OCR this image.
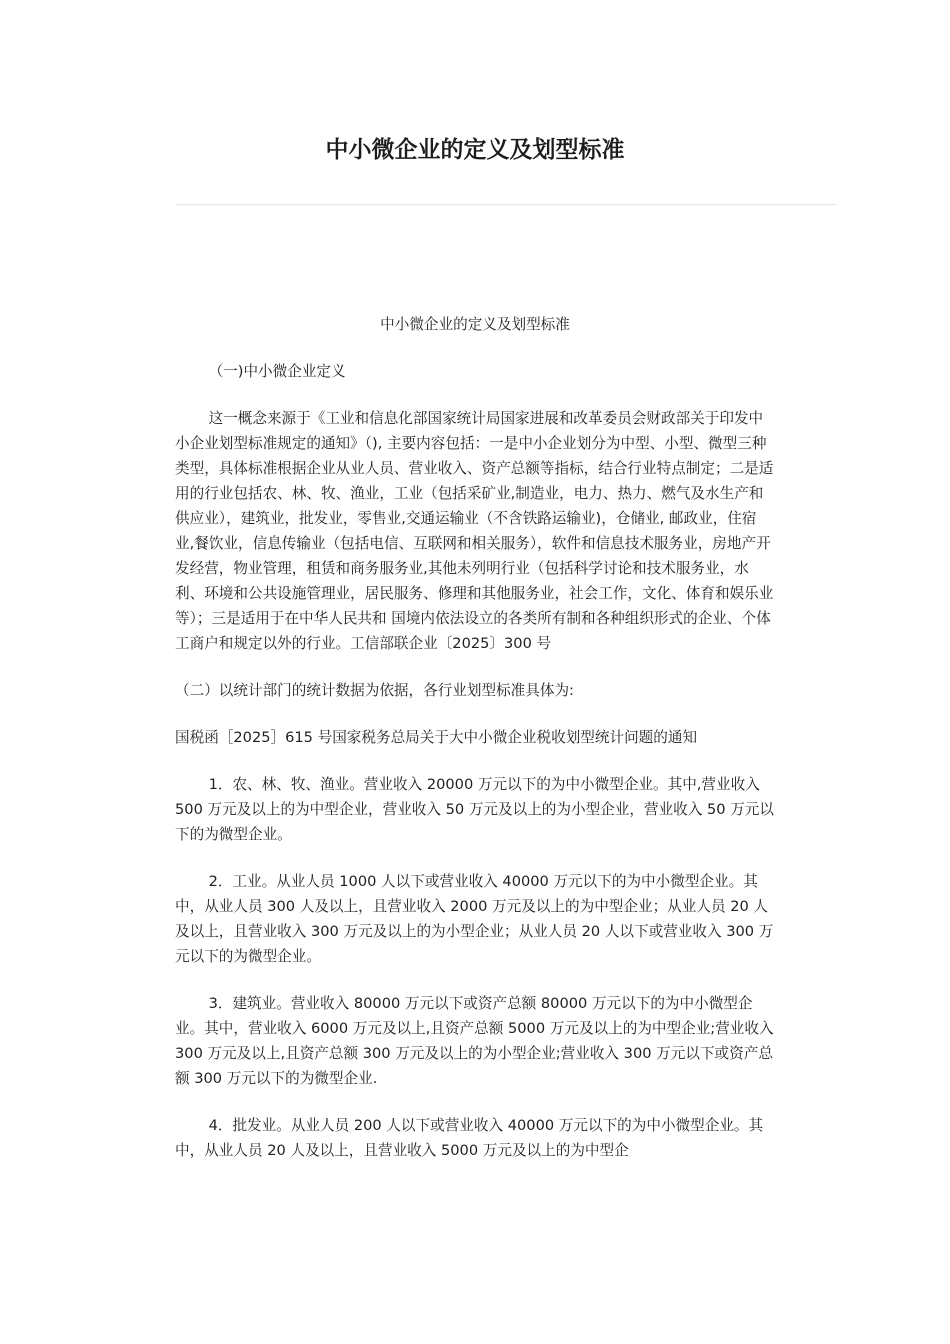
中小微企业的定义及划型标准

中小微企业的定义及划型标准

（一)中小微企业定义

这一概念来源于《工业和信息化部国家统计局国家进展和改革委员会财政部关于印发中小企业划型标准规定的通知》（), 主要内容包括：一是中小企业划分为中型、小型、微型三种类型，具体标准根据企业从业人员、营业收入、资产总额等指标，结合行业特点制定；二是适用的行业包括农、林、牧、渔业，工业（包括采矿业,制造业，电力、热力、燃气及水生产和供应业），建筑业，批发业，零售业,交通运输业（不含铁路运输业)，仓储业, 邮政业，住宿业,餐饮业，信息传输业（包括电信、互联网和相关服务），软件和信息技术服务业，房地产开发经营，物业管理，租赁和商务服务业,其他未列明行业（包括科学讨论和技术服务业，水利、环境和公共设施管理业，居民服务、修理和其他服务业，社会工作，文化、体育和娱乐业等）；三是适用于在中华人民共和 国境内依法设立的各类所有制和各种组织形式的企业、个体工商户和规定以外的行业。工信部联企业〔2025〕300 号

（二）以统计部门的统计数据为依据，各行业划型标准具体为:

国税函［2025］615 号国家税务总局关于大中小微企业税收划型统计问题的通知

1．农、林、牧、渔业。营业收入 20000 万元以下的为中小微型企业。其中,营业收入 500 万元及以上的为中型企业，营业收入 50 万元及以上的为小型企业，营业收入 50 万元以下的为微型企业。

2．工业。从业人员 1000 人以下或营业收入 40000 万元以下的为中小微型企业。其中，从业人员 300 人及以上，且营业收入 2000 万元及以上的为中型企业；从业人员 20 人及以上，且营业收入 300 万元及以上的为小型企业；从业人员 20 人以下或营业收入 300 万元以下的为微型企业。

3．建筑业。营业收入 80000 万元以下或资产总额 80000 万元以下的为中小微型企业。其中，营业收入 6000 万元及以上,且资产总额 5000 万元及以上的为中型企业;营业收入 300 万元及以上,且资产总额 300 万元及以上的为小型企业;营业收入 300 万元以下或资产总额 300 万元以下的为微型企业.

4．批发业。从业人员 200 人以下或营业收入 40000 万元以下的为中小微型企业。其中，从业人员 20 人及以上，且营业收入 5000 万元及以上的为中型企
